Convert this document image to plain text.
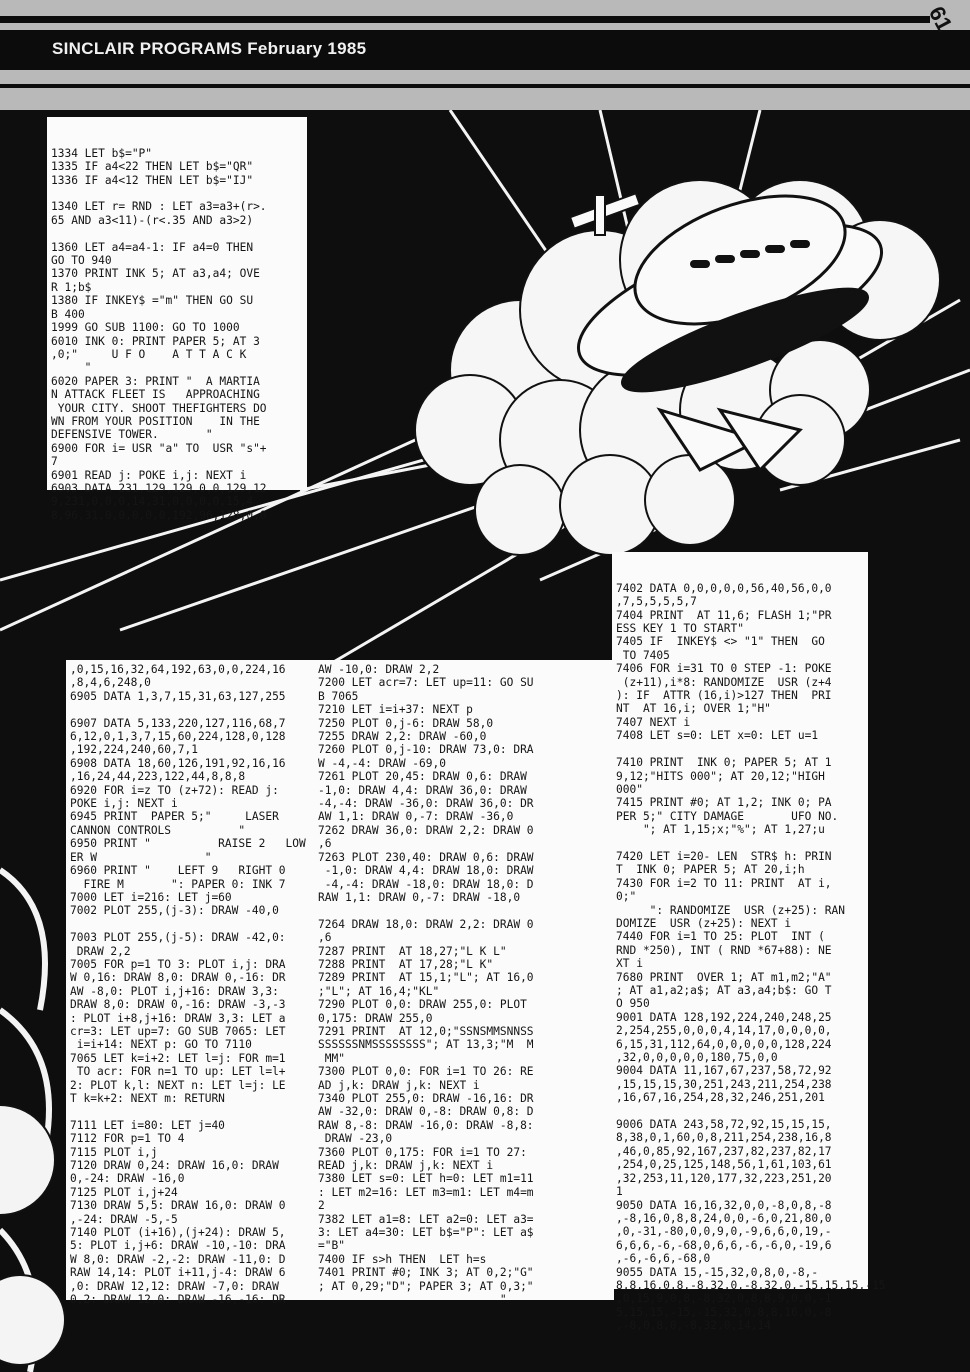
SINCLAIR PROGRAMS February 1985
61

1334 LET b$="P"
1335 IF a4<22 THEN LET b$="QR"
1336 IF a4<12 THEN LET b$="IJ"

1340 LET r= RND : LET a3=a3+(r>.
65 AND a3<11)-(r<.35 AND a3>2)

1360 LET a4=a4-1: IF a4=0 THEN
GO TO 940
1370 PRINT INK 5; AT a3,a4; OVE
R 1;b$
1380 IF INKEY$ ="m" THEN GO SU
B 400
1999 GO SUB 1100: GO TO 1000
6010 INK 0: PRINT PAPER 5; AT 3
,0;"     U F O    A T T A C K
"
6020 PAPER 3: PRINT "  A MARTIA
N ATTACK FLEET IS   APPROACHING
YOUR CITY. SHOOT THEFIGHTERS DO
WN FROM YOUR POSITION    IN THE
DEFENSIVE TOWER.       "
6900 FOR i= USR "a" TO  USR "s"+
7
6901 READ j: POKE i,j: NEXT i
6903 DATA 231,129,129,0,0,129,12
9,231,0,0,0,14,31,0,0,0,0,15,4
8,96,31,0,0,0,0,0,192,96,128,0,0

7402 DATA 0,0,0,0,0,56,40,56,0,0
,7,5,5,5,5,7
7404 PRINT  AT 11,6; FLASH 1;"PR
ESS KEY 1 TO START"
7405 IF  INKEY$ <> "1" THEN  GO
TO 7405
7406 FOR i=31 TO 0 STEP -1: POKE
(z+11),i*8: RANDOMIZE  USR (z+4
): IF  ATTR (16,i)>127 THEN  PRI
NT  AT 16,i; OVER 1;"H"
7407 NEXT i
7408 LET s=0: LET x=0: LET u=1

7410 PRINT  INK 0; PAPER 5; AT 1
9,12;"HITS 000"; AT 20,12;"HIGH
000"
7415 PRINT #0; AT 1,2; INK 0; PA
PER 5;" CITY DAMAGE       UFO NO.
"; AT 1,15;x;"%"; AT 1,27;u

7420 LET i=20- LEN  STR$ h: PRIN
T  INK 0; PAPER 5; AT 20,i;h
7430 FOR i=2 TO 11: PRINT  AT i,
0;"
": RANDOMIZE  USR (z+25): RAN
DOMIZE  USR (z+25): NEXT i
7440 FOR i=1 TO 25: PLOT  INT (
RND *250), INT ( RND *67+88): NE
XT i
7680 PRINT  OVER 1; AT m1,m2;"A"
; AT a1,a2;a$; AT a3,a4;b$: GO T
O 950
9001 DATA 128,192,224,240,248,25
2,254,255,0,0,0,4,14,17,0,0,0,0,
6,15,31,112,64,0,0,0,0,0,128,224
,32,0,0,0,0,0,180,75,0,0
9004 DATA 11,167,67,237,58,72,92
,15,15,15,30,251,243,211,254,238
,16,67,16,254,28,32,246,251,201

9006 DATA 243,58,72,92,15,15,15,
8,38,0,1,60,0,8,211,254,238,16,8
,46,0,85,92,167,237,82,237,82,17
,254,0,25,125,148,56,1,61,103,61
,32,253,11,120,177,32,223,251,20
1
9050 DATA 16,16,32,0,0,-8,0,8,-8
,-8,16,0,8,8,24,0,0,-6,0,21,80,0
,0,-31,-80,0,0,9,0,-9,6,6,0,19,-
6,6,6,-6,-68,0,6,6,-6,-6,0,-19,6
,-6,-6,6,-68,0
9055 DATA 15,-15,32,0,8,0,-8,-
8,8,16,0,8,-8,32,0,-8,32,0,-15,15,15,-15
,0,15,9,0,8,-8,32,0,8,8,9,0,0,-1
5,15,15,-15,-15,32,0,8,8,16,0,-8
,-8,0,8,0,-8,32,0,14,14

,0,15,16,32,64,192,63,0,0,224,16
,8,4,6,248,0
6905 DATA 1,3,7,15,31,63,127,255

6907 DATA 5,133,220,127,116,68,7
6,12,0,1,3,7,15,60,224,128,0,128
,192,224,240,60,7,1
6908 DATA 18,60,126,191,92,16,16
,16,24,44,223,122,44,8,8,8
6920 FOR i=z TO (z+72): READ j:
POKE i,j: NEXT i
6945 PRINT  PAPER 5;"     LASER
CANNON CONTROLS          "
6950 PRINT "          RAISE 2   LOW
ER W                "
6960 PRINT "    LEFT 9   RIGHT 0
FIRE M       ": PAPER 0: INK 7
7000 LET i=216: LET j=60
7002 PLOT 255,(j-3): DRAW -40,0

7003 PLOT 255,(j-5): DRAW -42,0:
DRAW 2,2
7005 FOR p=1 TO 3: PLOT i,j: DRA
W 0,16: DRAW 8,0: DRAW 0,-16: DR
AW -8,0: PLOT i,j+16: DRAW 3,3:
DRAW 8,0: DRAW 0,-16: DRAW -3,-3
: PLOT i+8,j+16: DRAW 3,3: LET a
cr=3: LET up=7: GO SUB 7065: LET
i=i+14: NEXT p: GO TO 7110
7065 LET k=i+2: LET l=j: FOR m=1
TO acr: FOR n=1 TO up: LET l=l+
2: PLOT k,l: NEXT n: LET l=j: LE
T k=k+2: NEXT m: RETURN

7111 LET i=80: LET j=40
7112 FOR p=1 TO 4
7115 PLOT i,j
7120 DRAW 0,24: DRAW 16,0: DRAW
0,-24: DRAW -16,0
7125 PLOT i,j+24
7130 DRAW 5,5: DRAW 16,0: DRAW 0
,-24: DRAW -5,-5
7140 PLOT (i+16),(j+24): DRAW 5,
5: PLOT i,j+6: DRAW -10,-10: DRA
W 8,0: DRAW -2,-2: DRAW -11,0: D
RAW 14,14: PLOT i+11,j-4: DRAW 6
,0: DRAW 12,12: DRAW -7,0: DRAW
0,2: DRAW 12,0: DRAW -16,-16: DR

AW -10,0: DRAW 2,2
7200 LET acr=7: LET up=11: GO SU
B 7065
7210 LET i=i+37: NEXT p
7250 PLOT 0,j-6: DRAW 58,0
7255 DRAW 2,2: DRAW -60,0
7260 PLOT 0,j-10: DRAW 73,0: DRA
W -4,-4: DRAW -69,0
7261 PLOT 20,45: DRAW 0,6: DRAW
-1,0: DRAW 4,4: DRAW 36,0: DRAW
-4,-4: DRAW -36,0: DRAW 36,0: DR
AW 1,1: DRAW 0,-7: DRAW -36,0
7262 DRAW 36,0: DRAW 2,2: DRAW 0
,6
7263 PLOT 230,40: DRAW 0,6: DRAW
-1,0: DRAW 4,4: DRAW 18,0: DRAW
-4,-4: DRAW -18,0: DRAW 18,0: D
RAW 1,1: DRAW 0,-7: DRAW -18,0

7264 DRAW 18,0: DRAW 2,2: DRAW 0
,6
7287 PRINT  AT 18,27;"L K L"
7288 PRINT  AT 17,28;"L K"
7289 PRINT  AT 15,1;"L"; AT 16,0
;"L"; AT 16,4;"KL"
7290 PLOT 0,0: DRAW 255,0: PLOT
0,175: DRAW 255,0
7291 PRINT  AT 12,0;"SSNSMMSNNSS
SSSSSSNMSSSSSSSS"; AT 13,3;"M  M
MM"
7300 PLOT 0,0: FOR i=1 TO 26: RE
AD j,k: DRAW j,k: NEXT i
7340 PLOT 255,0: DRAW -16,16: DR
AW -32,0: DRAW 0,-8: DRAW 0,8: D
RAW 8,-8: DRAW -16,0: DRAW -8,8:
DRAW -23,0
7360 PLOT 0,175: FOR i=1 TO 27:
READ j,k: DRAW j,k: NEXT i
7380 LET s=0: LET h=0: LET m1=11
: LET m2=16: LET m3=m1: LET m4=m
2
7382 LET a1=8: LET a2=0: LET a3=
3: LET a4=30: LET b$="P": LET a$
="B"
7400 IF s>h THEN  LET h=s
7401 PRINT #0; INK 3; AT 0,2;"G"
; AT 0,29;"D"; PAPER 3; AT 0,3;"
"
